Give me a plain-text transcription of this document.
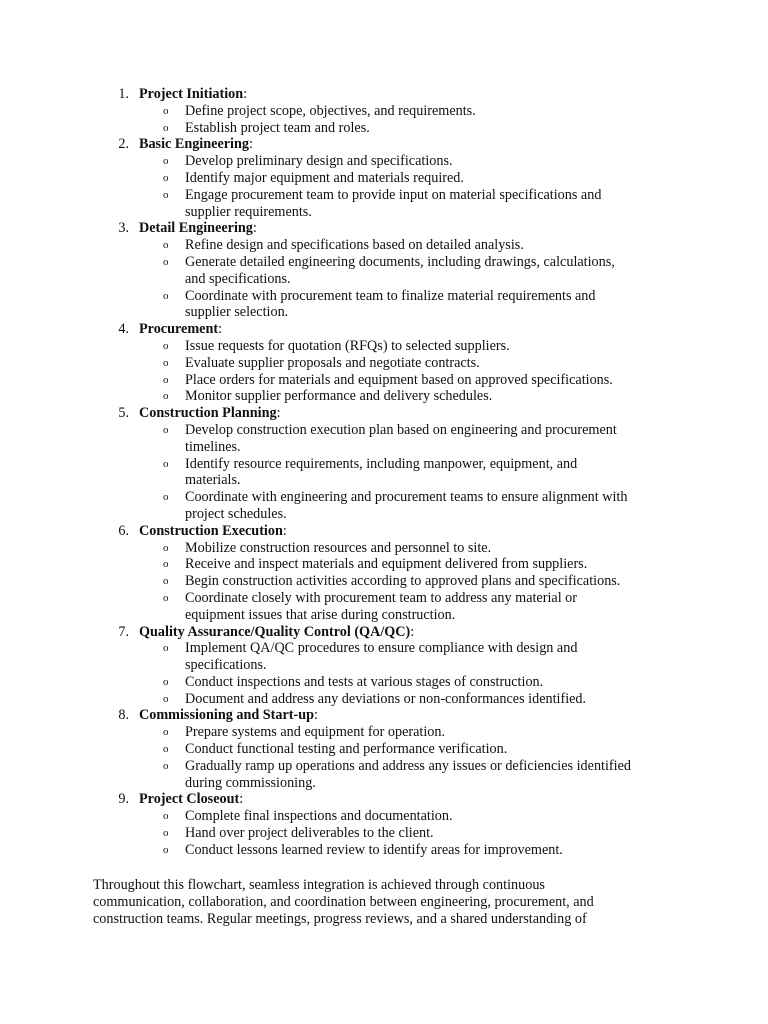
1. Project Initiation:
o Define project scope, objectives, and requirements.
o Establish project team and roles.
2. Basic Engineering:
o Develop preliminary design and specifications.
o Identify major equipment and materials required.
o Engage procurement team to provide input on material specifications and
supplier requirements.
3. Detail Engineering:
o Refine design and specifications based on detailed analysis.
o Generate detailed engineering documents, including drawings, calculations,
and specifications.
o Coordinate with procurement team to finalize material requirements and
supplier selection.
4. Procurement:
o Issue requests for quotation (RFQs) to selected suppliers.
o Evaluate supplier proposals and negotiate contracts.
o Place orders for materials and equipment based on approved specifications.
o Monitor supplier performance and delivery schedules.
5. Construction Planning:
o Develop construction execution plan based on engineering and procurement
timelines.
o Identify resource requirements, including manpower, equipment, and
materials.
o Coordinate with engineering and procurement teams to ensure alignment with
project schedules.
6. Construction Execution:
o Mobilize construction resources and personnel to site.
o Receive and inspect materials and equipment delivered from suppliers.
o Begin construction activities according to approved plans and specifications.
o Coordinate closely with procurement team to address any material or
equipment issues that arise during construction.
7. Quality Assurance/Quality Control (QA/QC):
o Implement QA/QC procedures to ensure compliance with design and
specifications.
o Conduct inspections and tests at various stages of construction.
o Document and address any deviations or non-conformances identified.
8. Commissioning and Start-up:
o Prepare systems and equipment for operation.
o Conduct functional testing and performance verification.
o Gradually ramp up operations and address any issues or deficiencies identified
during commissioning.
9. Project Closeout:
o Complete final inspections and documentation.
o Hand over project deliverables to the client.
o Conduct lessons learned review to identify areas for improvement.

Throughout this flowchart, seamless integration is achieved through continuous
communication, collaboration, and coordination between engineering, procurement, and
construction teams. Regular meetings, progress reviews, and a shared understanding of
